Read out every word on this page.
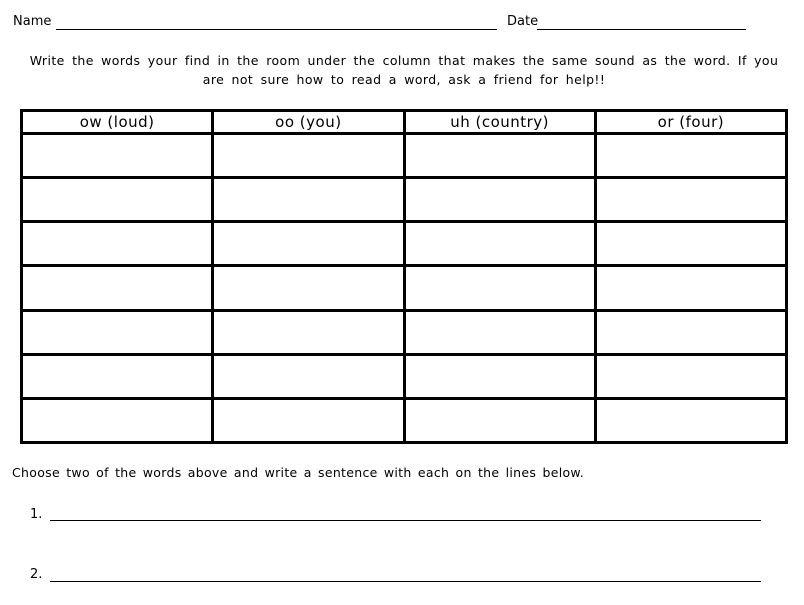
Name	Date
Write the words your find in the room under the column that makes the same sound as the word. If you are not sure how to read a word, ask a friend for help!!
ow (loud)	oo (you)	uh (country)	or (four)

Choose two of the words above and write a sentence with each on the lines below.
1.
2.
